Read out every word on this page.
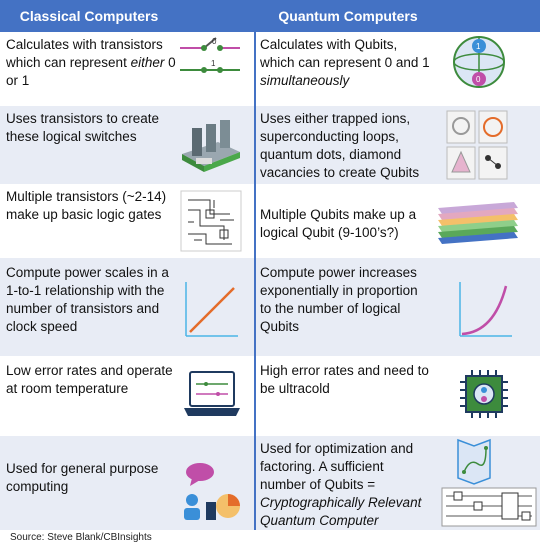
Classical Computers	Quantum Computers
Calculates with transistors which can represent either 0 or 1
0
1
Calculates with Qubits, which can represent 0 and 1 simultaneously
1
0
Uses transistors to create these logical switches
Uses either trapped ions, superconducting loops, quantum dots, diamond vacancies to create Qubits
Multiple transistors (~2-14) make up basic logic gates	Multiple Qubits make up a logical Qubit (9-100’s?)
Compute power scales in a 1-to-1 relationship with the number of transistors and clock speed
Compute power increases exponentially in proportion to the number of logical Qubits
Low error rates and operate at room temperature
High error rates and need to be ultracold
Used for general purpose computing
Used for optimization and factoring. A sufficient number of Qubits = Cryptographically Relevant Quantum Computer
Source: Steve Blank/CBInsights
